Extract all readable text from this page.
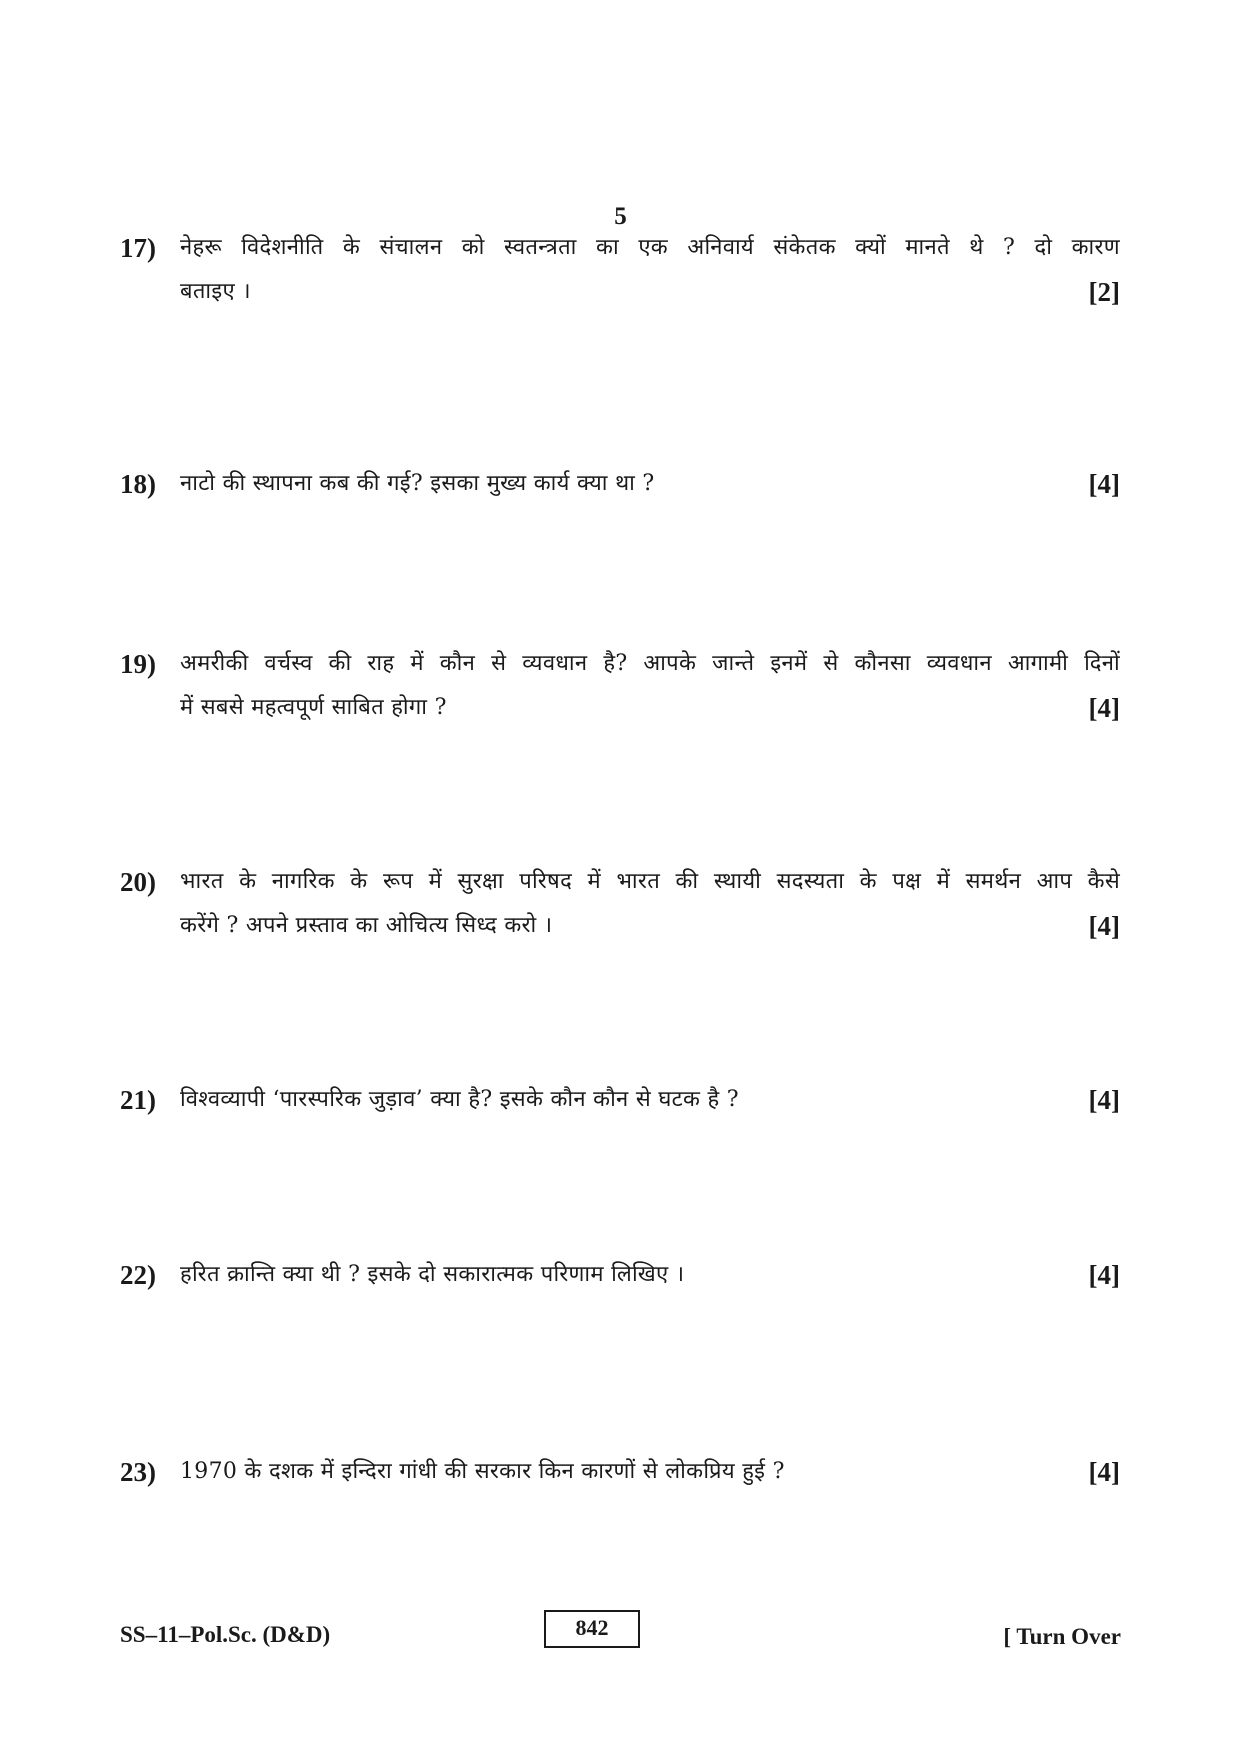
5
17) नेहरू विदेशनीति के संचालन को स्वतन्त्रता का एक अनिवार्य संकेतक क्यों मानते थे ? दो कारण
बताइए ।	[2]
18) नाटो की स्थापना कब की गई? इसका मुख्य कार्य क्या था ?	[4]
19) अमरीकी वर्चस्व की राह में कौन से व्यवधान है? आपके जान्ते इनमें से कौनसा व्यवधान आगामी दिनों
में सबसे महत्वपूर्ण साबित होगा ?	[4]
20) भारत के नागरिक के रूप में सुरक्षा परिषद में भारत की स्थायी सदस्यता के पक्ष में समर्थन आप कैसे
करेंगे ? अपने प्रस्ताव का ओचित्य सिध्द करो ।	[4]
21) विश्वव्यापी ‘पारस्परिक जुड़ाव’ क्या है? इसके कौन कौन से घटक है ?	[4]
22) हरित क्रान्ति क्या थी ? इसके दो सकारात्मक परिणाम लिखिए ।	[4]
23) 1970 के दशक में इन्दिरा गांधी की सरकार किन कारणों से लोकप्रिय हुई ?	[4]
SS–11–Pol.Sc. (D&D)	842	[ Turn Over
